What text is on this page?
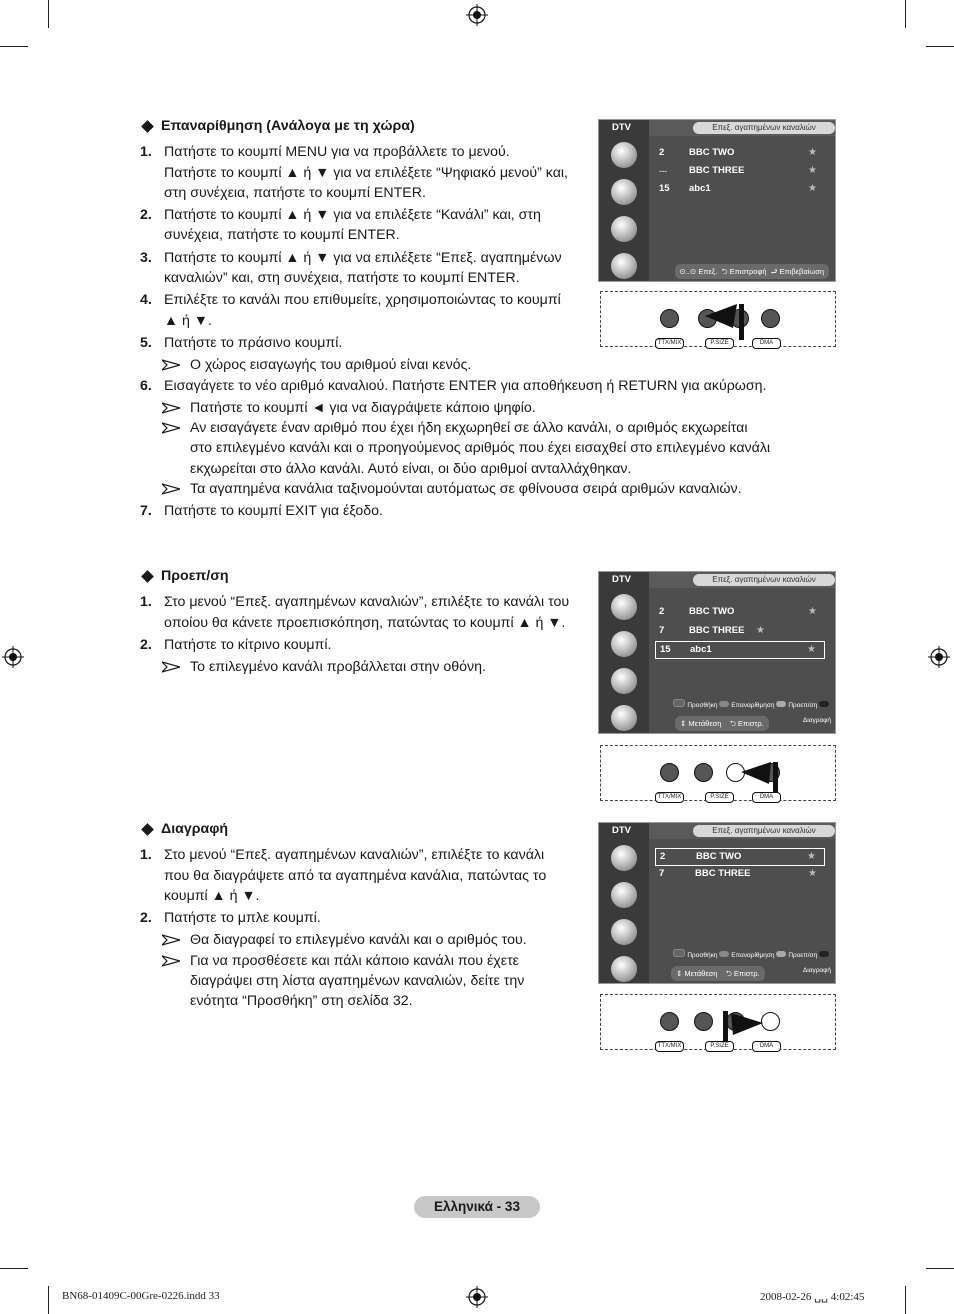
Επαναρίθμηση (Ανάλογα με τη χώρα)
1. Πατήστε το κουμπί MENU για να προβάλλετε το μενού.
Πατήστε το κουμπί ▲ ή ▼ για να επιλέξετε “Ψηφιακό μενού” και,
στη συνέχεια, πατήστε το κουμπί ENTER.
2. Πατήστε το κουμπί ▲ ή ▼ για να επιλέξετε “Κανάλι” και, στη
συνέχεια, πατήστε το κουμπί ENTER.
3. Πατήστε το κουμπί ▲ ή ▼ για να επιλέξετε “Επεξ. αγαπημένων
καναλιών” και, στη συνέχεια, πατήστε το κουμπί ENTER.
4. Επιλέξτε το κανάλι που επιθυμείτε, χρησιμοποιώντας το κουμπί
▲ ή ▼.
5. Πατήστε το πράσινο κουμπί.
Ο χώρος εισαγωγής του αριθμού είναι κενός.
6. Εισαγάγετε το νέο αριθμό καναλιού. Πατήστε ENTER για αποθήκευση ή RETURN για ακύρωση.
Πατήστε το κουμπί ◄ για να διαγράψετε κάποιο ψηφίο.
Αν εισαγάγετε έναν αριθμό που έχει ήδη εκχωρηθεί σε άλλο κανάλι, ο αριθμός εκχωρείται
στο επιλεγμένο κανάλι και ο προηγούμενος αριθμός που έχει εισαχθεί στο επιλεγμένο κανάλι
εκχωρείται στο άλλο κανάλι. Αυτό είναι, οι δύο αριθμοί ανταλλάχθηκαν.
Τα αγαπημένα κανάλια ταξινομούνται αυτόματως σε φθίνουσα σειρά αριθμών καναλιών.
7. Πατήστε το κουμπί EXIT για έξοδο.
Προεπ/ση
1. Στο μενού “Επεξ. αγαπημένων καναλιών”, επιλέξτε το κανάλι του
οποίου θα κάνετε προεπισκόπηση, πατώντας το κουμπί ▲ ή ▼.
2. Πατήστε το κίτρινο κουμπί.
Το επιλεγμένο κανάλι προβάλλεται στην οθόνη.
Διαγραφή
1. Στο μενού “Επεξ. αγαπημένων καναλιών”, επιλέξτε το κανάλι
που θα διαγράψετε από τα αγαπημένα κανάλια, πατώντας το
κουμπί ▲ ή ▼.
2. Πατήστε το μπλε κουμπί.
Θα διαγραφεί το επιλεγμένο κανάλι και ο αριθμός του.
Για να προσθέσετε και πάλι κάποιο κανάλι που έχετε
διαγράψει στη λίστα αγαπημένων καναλιών, δείτε την
ενότητα “Προσθήκη” στη σελίδα 32.
DTV	Επεξ. αγαπημένων καναλιών
2	BBC TWO	★
.... BBC THREE	★
15 abc1	★
⊙..⊙ Επεξ. ⮌ Επιστροφή ⮐ Επιβεβαίωση
TTX/MIX	P.SIZE	DMA
DTV	Επεξ. αγαπημένων καναλιών
2	BBC TWO	★
7	BBC THREE ★
15 abc1	★
Προσθήκη Επαναρίθμηση Προεπ/ση Διαγραφή
⇕ Μετάθεση ⮌ Επιστρ.
TTX/MIX	P.SIZE	DMA
DTV	Επεξ. αγαπημένων καναλιών
2	BBC TWO	★
7	BBC THREE	★
Προσθήκη Επαναρίθμηση Προεπ/ση Διαγραφή
⇕ Μετάθεση ⮌ Επιστρ.
TTX/MIX	P.SIZE	DMA
Ελληνικά - 33
BN68-01409C-00Gre-0226.indd 33	2008-02-26 ␣␣ 4:02:45
